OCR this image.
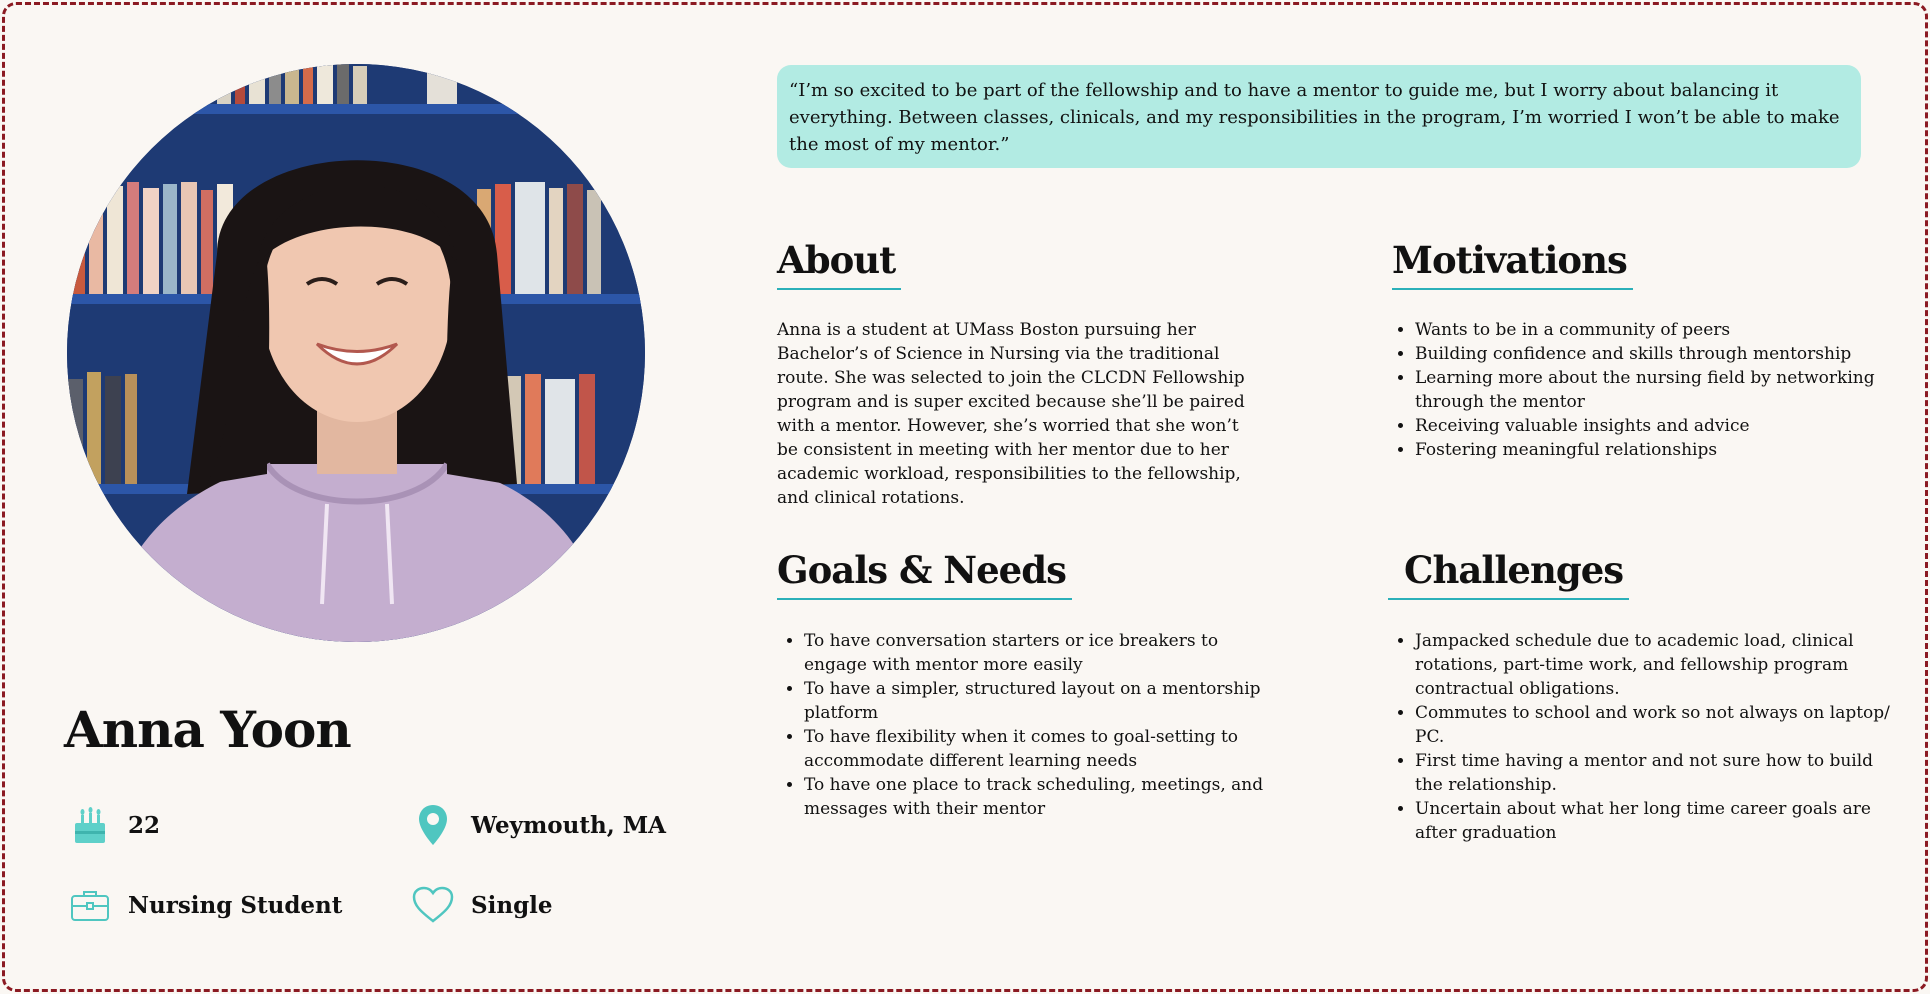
Anna Yoon
22	Weymouth, MA
Nursing Student	Single
“I’m so excited to be part of the fellowship and to have a mentor to guide me, but I worry about balancing it everything. Between classes, clinicals, and my responsibilities in the program, I’m worried I won’t be able to make the most of my mentor.”
About
Anna is a student at UMass Boston pursuing her Bachelor’s of Science in Nursing via the traditional route. She was selected to join the CLCDN Fellowship program and is super excited because she’ll be paired with a mentor. However, she’s worried that she won’t be consistent in meeting with her mentor due to her academic workload, responsibilities to the fellowship, and clinical rotations.
Motivations
• Wants to be in a community of peers
• Building confidence and skills through mentorship
• Learning more about the nursing field by networking through the mentor
• Receiving valuable insights and advice
• Fostering meaningful relationships
Goals & Needs
• To have conversation starters or ice breakers to engage with mentor more easily
• To have a simpler, structured layout on a mentorship platform
• To have flexibility when it comes to goal-setting to accommodate different learning needs
• To have one place to track scheduling, meetings, and messages with their mentor
Challenges
• Jampacked schedule due to academic load, clinical rotations, part-time work, and fellowship program contractual obligations.
• Commutes to school and work so not always on laptop/ PC.
• First time having a mentor and not sure how to build the relationship.
• Uncertain about what her long time career goals are after graduation
